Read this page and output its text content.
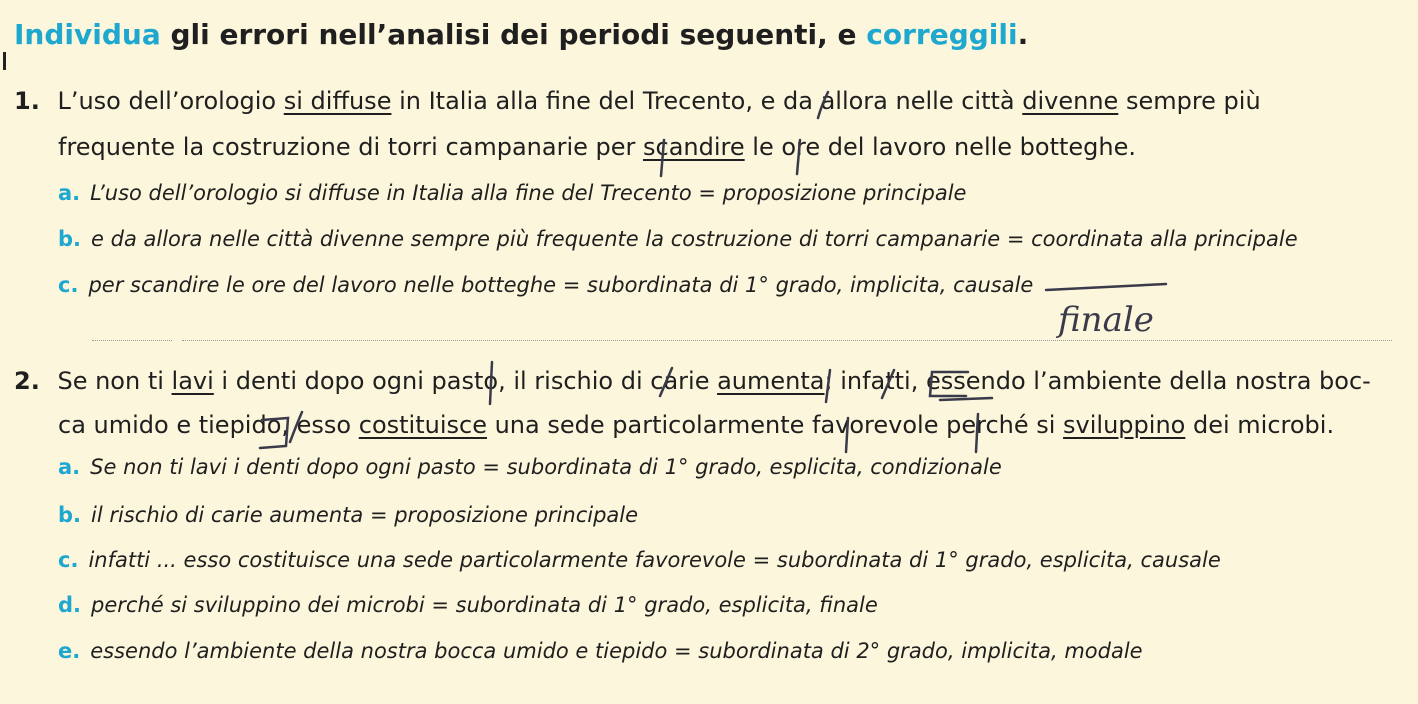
Individua gli errori nell’analisi dei periodi seguenti, e correggili.
1. L’uso dell’orologio si diffuse in Italia alla fine del Trecento, e da allora nelle città divenne sempre più
frequente la costruzione di torri campanarie per scandire le ore del lavoro nelle botteghe.
a. L’uso dell’orologio si diffuse in Italia alla fine del Trecento = proposizione principale
b. e da allora nelle città divenne sempre più frequente la costruzione di torri campanarie = coordinata alla principale
c. per scandire le ore del lavoro nelle botteghe = subordinata di 1° grado, implicita, causale
finale
2. Se non ti lavi i denti dopo ogni pasto, il rischio di carie aumenta; infatti, essendo l’ambiente della nostra boc-
ca umido e tiepido, esso costituisce una sede particolarmente favorevole perché si sviluppino dei microbi.
a. Se non ti lavi i denti dopo ogni pasto = subordinata di 1° grado, esplicita, condizionale
b. il rischio di carie aumenta = proposizione principale
c. infatti ... esso costituisce una sede particolarmente favorevole = subordinata di 1° grado, esplicita, causale
d. perché si sviluppino dei microbi = subordinata di 1° grado, esplicita, finale
e. essendo l’ambiente della nostra bocca umido e tiepido = subordinata di 2° grado, implicita, modale
